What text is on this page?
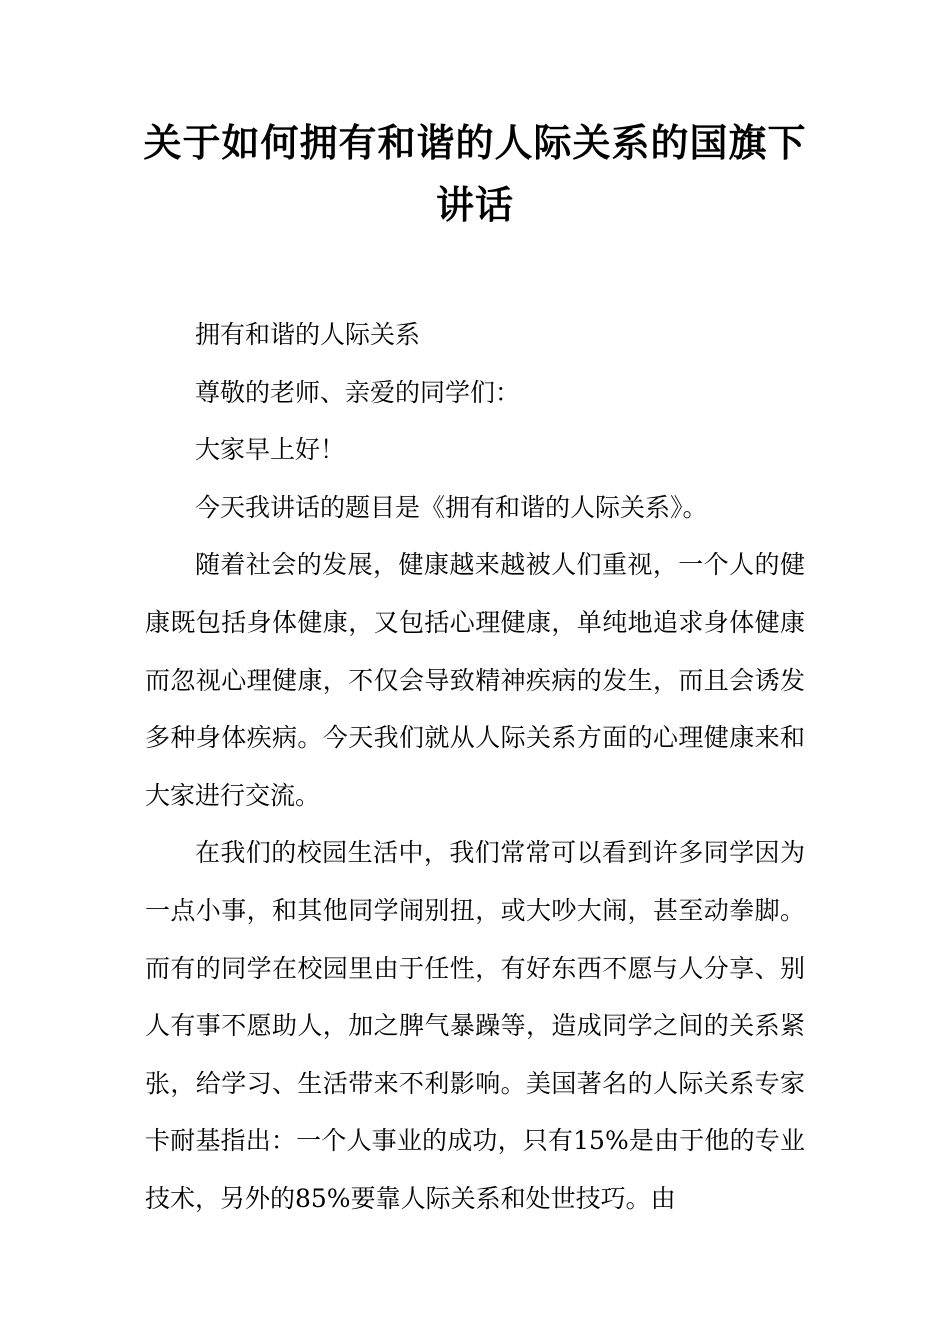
关于如何拥有和谐的人际关系的国旗下讲话

拥有和谐的人际关系

尊敬的老师、亲爱的同学们：

大家早上好！

今天我讲话的题目是《拥有和谐的人际关系》。

随着社会的发展，健康越来越被人们重视，一个人的健康既包括身体健康，又包括心理健康，单纯地追求身体健康而忽视心理健康，不仅会导致精神疾病的发生，而且会诱发多种身体疾病。今天我们就从人际关系方面的心理健康来和大家进行交流。

在我们的校园生活中，我们常常可以看到许多同学因为一点小事，和其他同学闹别扭，或大吵大闹，甚至动拳脚。而有的同学在校园里由于任性，有好东西不愿与人分享、别人有事不愿助人，加之脾气暴躁等，造成同学之间的关系紧张，给学习、生活带来不利影响。美国著名的人际关系专家卡耐基指出：一个人事业的成功，只有15%是由于他的专业技术，另外的85%要靠人际关系和处世技巧。由
